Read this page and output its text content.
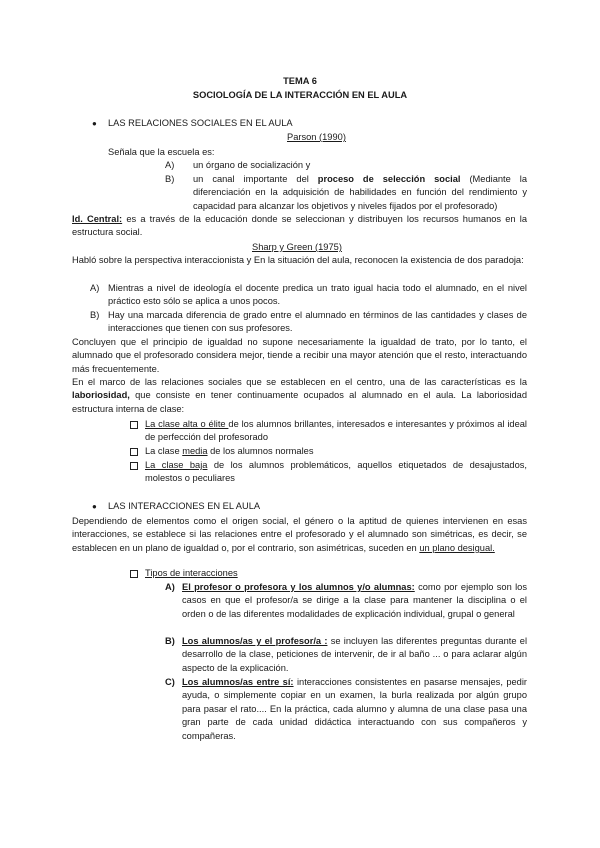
TEMA 6
SOCIOLOGÍA DE LA INTERACCIÓN EN EL AULA
● LAS RELACIONES SOCIALES EN EL AULA
Parson (1990)
Señala que la escuela es:
A)	un órgano de socialización y
B)	un canal importante del proceso de selección social (Mediante la diferenciación en la adquisición de habilidades en función del rendimiento y capacidad para alcanzar los objetivos y niveles fijados por el profesorado)

Id. Central: es a través de la educación donde se seleccionan y distribuyen los recursos humanos en la estructura social.

Sharp y Green (1975)

Habló sobre la perspectiva interaccionista y En la situación del aula, reconocen la existencia de dos paradoja:

A) Mientras a nivel de ideología el docente predica un trato igual hacia todo el alumnado, en el nivel práctico esto sólo se aplica a unos pocos.

B) Hay una marcada diferencia de grado entre el alumnado en términos de las cantidades y clases de interacciones que tienen con sus profesores.

Concluyen que el principio de igualdad no supone necesariamente la igualdad de trato, por lo tanto, el alumnado que el profesorado considera mejor, tiende a recibir una mayor atención que el resto, interactuando más frecuentemente.

En el marco de las relaciones sociales que se establecen en el centro, una de las características es la laboriosidad, que consiste en tener continuamente ocupados al alumnado en el aula. La laboriosidad estructura interna de clase:

La clase alta o élite de los alumnos brillantes, interesados e interesantes y próximos al ideal de perfección del profesorado

La clase media de los alumnos normales

La clase baja de los alumnos problemáticos, aquellos etiquetados de desajustados, molestos o peculiares

● LAS INTERACCIONES EN EL AULA

Dependiendo de elementos como el origen social, el género o la aptitud de quienes intervienen en esas interacciones, se establece si las relaciones entre el profesorado y el alumnado son simétricas, es decir, se establecen en un plano de igualdad o, por el contrario, son asimétricas, suceden en un plano desigual.

Tipos de interacciones
A) El profesor o profesora y los alumnos y/o alumnas: como por ejemplo son los casos en que el profesor/a se dirige a la clase para mantener la disciplina o el orden o de las diferentes modalidades de explicación individual, grupal o general

B) Los alumnos/as y el profesor/a : se incluyen las diferentes preguntas durante el desarrollo de la clase, peticiones de intervenir, de ir al baño ... o para aclarar algún aspecto de la explicación.

C) Los alumnos/as entre sí: interacciones consistentes en pasarse mensajes, pedir ayuda, o simplemente copiar en un examen, la burla realizada por algún grupo para pasar el rato.... En la práctica, cada alumno y alumna de una clase pasa una gran parte de cada unidad didáctica interactuando con sus compañeros y compañeras.
